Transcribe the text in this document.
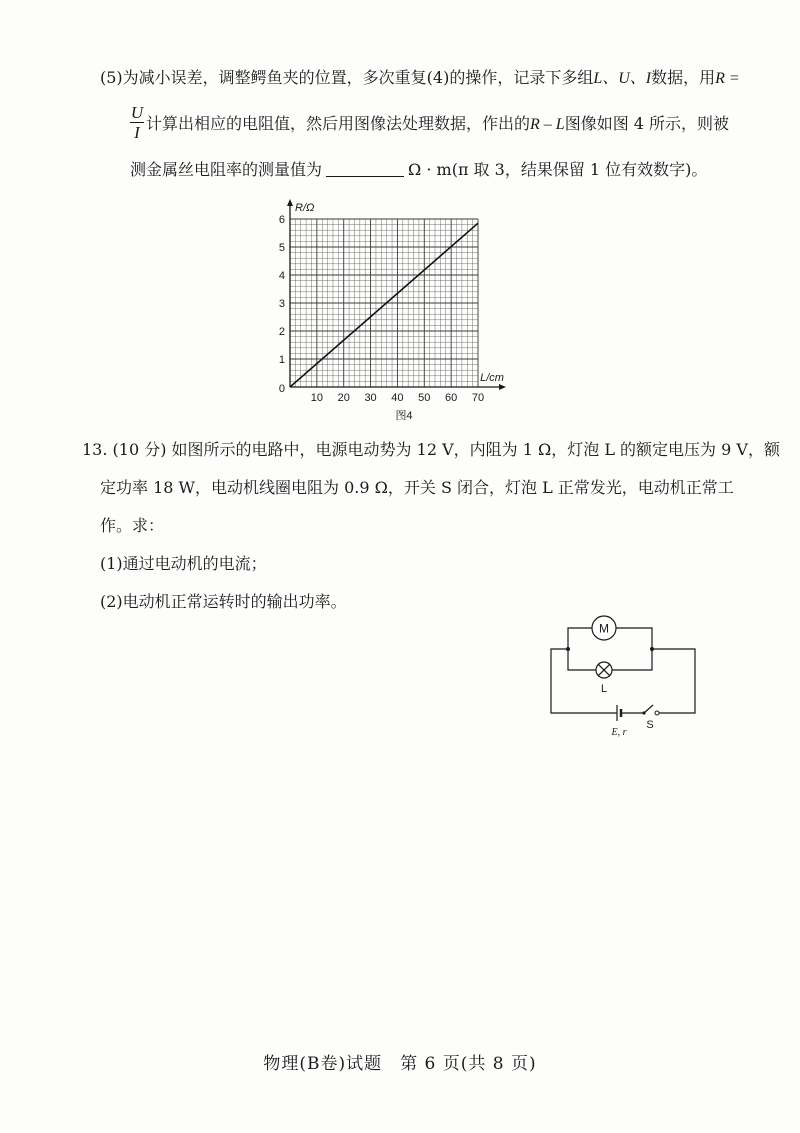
(5)为减小误差，调整鳄鱼夹的位置，多次重复(4)的操作，记录下多组L、U、I数据，用R =
U
I 计算出相应的电阻值，然后用图像法处理数据，作出的R – L图像如图 4 所示，则被
测金属丝电阻率的测量值为	Ω · m(π 取 3，结果保留 1 位有效数字)。
10 20 30 40 50 60 70
1
2
3
4
5
6
0
R/Ω
L/cm
图4
13. (10 分) 如图所示的电路中，电源电动势为 12 V，内阻为 1 Ω，灯泡 L 的额定电压为 9 V，额
定功率 18 W，电动机线圈电阻为 0.9 Ω，开关 S 闭合，灯泡 L 正常发光，电动机正常工
作。求：
(1)通过电动机的电流；
(2)电动机正常运转时的输出功率。
M
L
E, r
S
物理(B卷)试题　第 6 页(共 8 页)
